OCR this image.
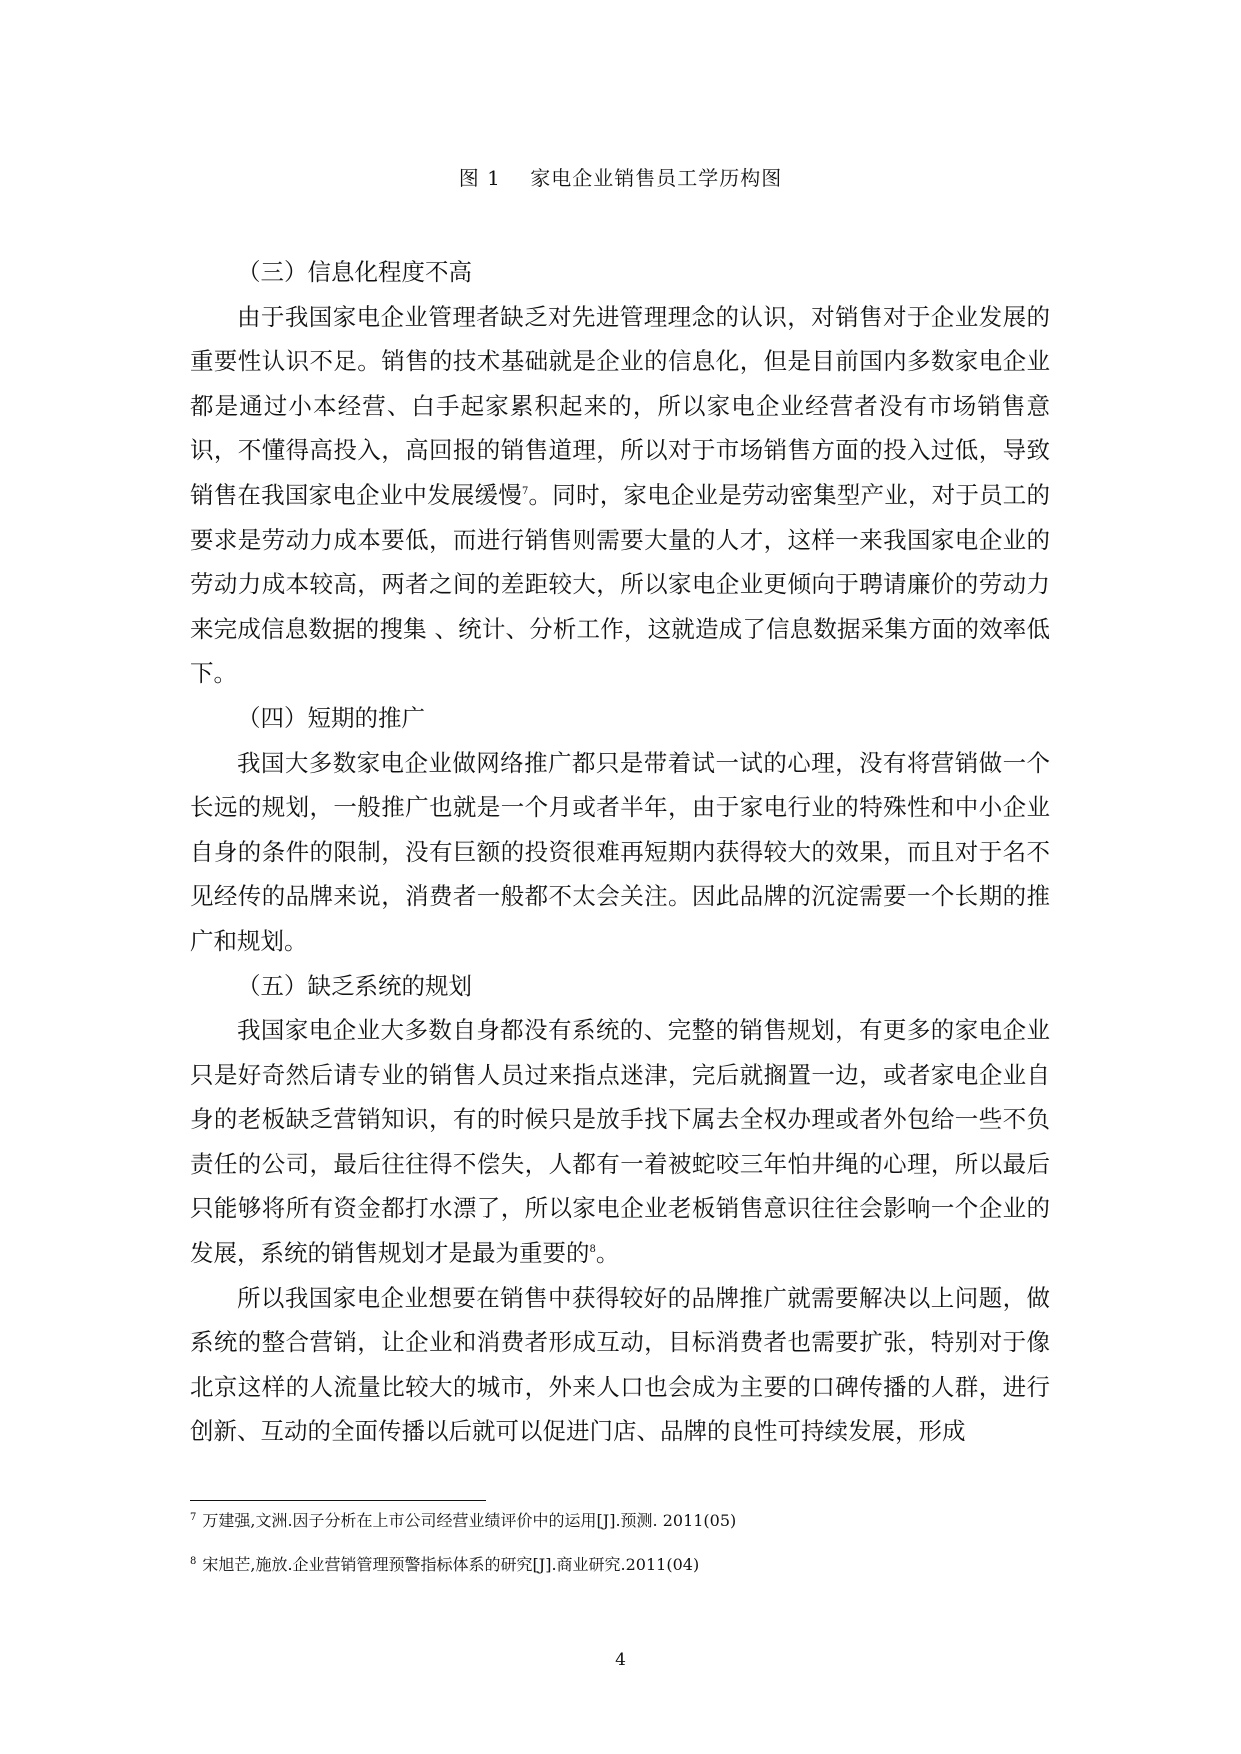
图 1    家电企业销售员工学历构图

（三）信息化程度不高

由于我国家电企业管理者缺乏对先进管理理念的认识，对销售对于企业发展的重要性认识不足。销售的技术基础就是企业的信息化，但是目前国内多数家电企业都是通过小本经营、白手起家累积起来的，所以家电企业经营者没有市场销售意识，不懂得高投入，高回报的销售道理，所以对于市场销售方面的投入过低，导致销售在我国家电企业中发展缓慢$^7$。同时，家电企业是劳动密集型产业，对于员工的要求是劳动力成本要低，而进行销售则需要大量的人才，这样一来我国家电企业的劳动力成本较高，两者之间的差距较大，所以家电企业更倾向于聘请廉价的劳动力来完成信息数据的搜集 、统计、分析工作，这就造成了信息数据采集方面的效率低下。

（四）短期的推广

我国大多数家电企业做网络推广都只是带着试一试的心理，没有将营销做一个长远的规划，一般推广也就是一个月或者半年，由于家电行业的特殊性和中小企业自身的条件的限制，没有巨额的投资很难再短期内获得较大的效果，而且对于名不见经传的品牌来说，消费者一般都不太会关注。因此品牌的沉淀需要一个长期的推广和规划。

（五）缺乏系统的规划

我国家电企业大多数自身都没有系统的、完整的销售规划，有更多的家电企业只是好奇然后请专业的销售人员过来指点迷津，完后就搁置一边，或者家电企业自身的老板缺乏营销知识，有的时候只是放手找下属去全权办理或者外包给一些不负责任的公司，最后往往得不偿失，人都有一着被蛇咬三年怕井绳的心理，所以最后只能够将所有资金都打水漂了，所以家电企业老板销售意识往往会影响一个企业的发展，系统的销售规划才是最为重要的$^8$。

所以我国家电企业想要在销售中获得较好的品牌推广就需要解决以上问题，做系统的整合营销，让企业和消费者形成互动，目标消费者也需要扩张，特别对于像北京这样的人流量比较大的城市，外来人口也会成为主要的口碑传播的人群，进行创新、互动的全面传播以后就可以促进门店、品牌的良性可持续发展，形成

$^7$ 万建强,文洲.因子分析在上市公司经营业绩评价中的运用[J].预测. 2011(05)

$^8$ 宋旭芒,施放.企业营销管理预警指标体系的研究[J].商业研究.2011(04)

4
